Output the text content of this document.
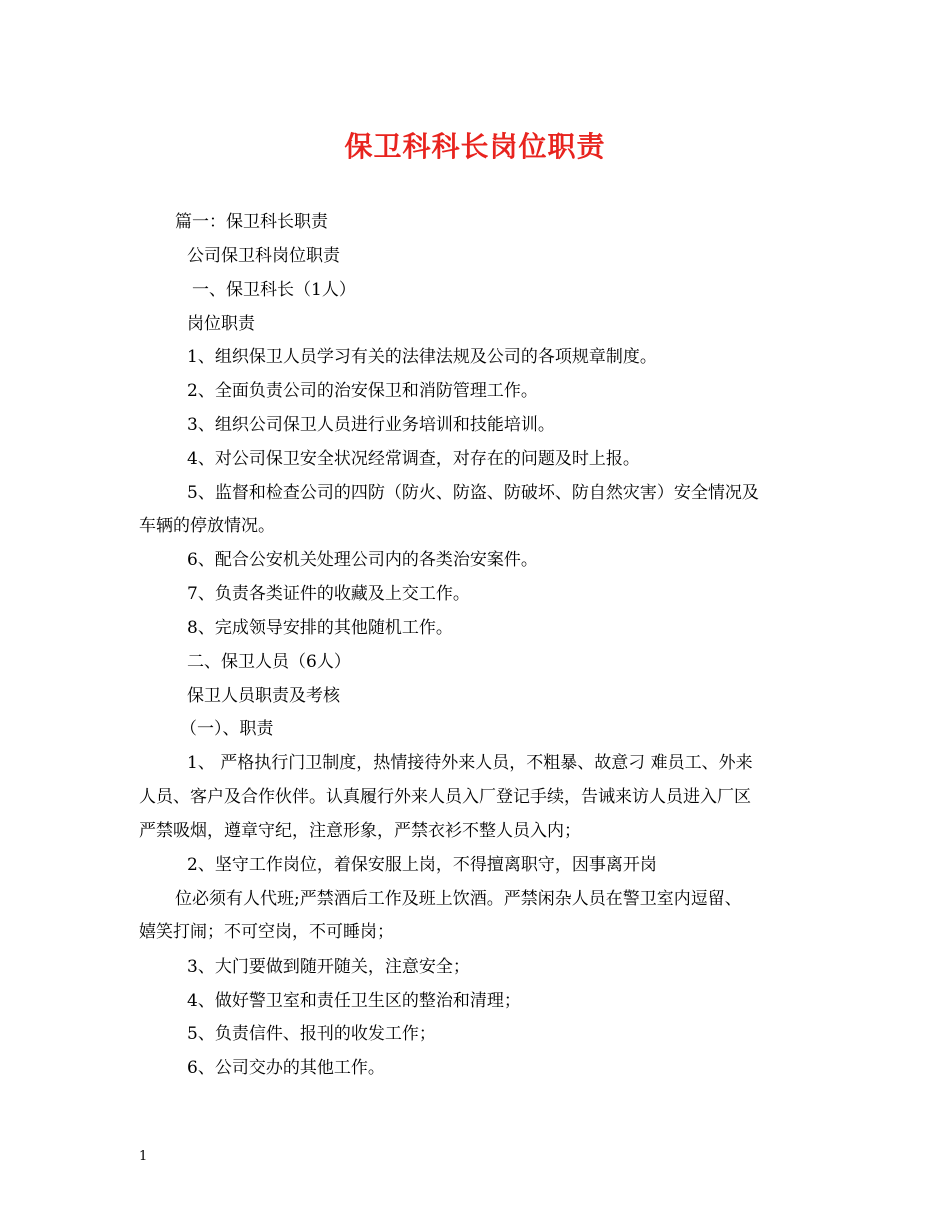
保卫科科长岗位职责

篇一：保卫科长职责

公司保卫科岗位职责

一、保卫科长（1人）

岗位职责

1、组织保卫人员学习有关的法律法规及公司的各项规章制度。

2、全面负责公司的治安保卫和消防管理工作。

3、组织公司保卫人员进行业务培训和技能培训。

4、对公司保卫安全状况经常调查，对存在的问题及时上报。

5、监督和检查公司的四防（防火、防盗、防破坏、防自然灾害）安全情况及

车辆的停放情况。

6、配合公安机关处理公司内的各类治安案件。

7、负责各类证件的收藏及上交工作。

8、完成领导安排的其他随机工作。

二、保卫人员（6人）

保卫人员职责及考核

（一）、职责

1、 严格执行门卫制度，热情接待外来人员，不粗暴、故意刁 难员工、外来

人员、客户及合作伙伴。认真履行外来人员入厂登记手续，告诫来访人员进入厂区

严禁吸烟，遵章守纪，注意形象，严禁衣衫不整人员入内；

2、坚守工作岗位，着保安服上岗，不得擅离职守，因事离开岗

位必须有人代班;严禁酒后工作及班上饮酒。严禁闲杂人员在警卫室内逗留、

嬉笑打闹；不可空岗，不可睡岗；

3、大门要做到随开随关，注意安全；

4、做好警卫室和责任卫生区的整治和清理；

5、负责信件、报刊的收发工作；

6、公司交办的其他工作。

1
